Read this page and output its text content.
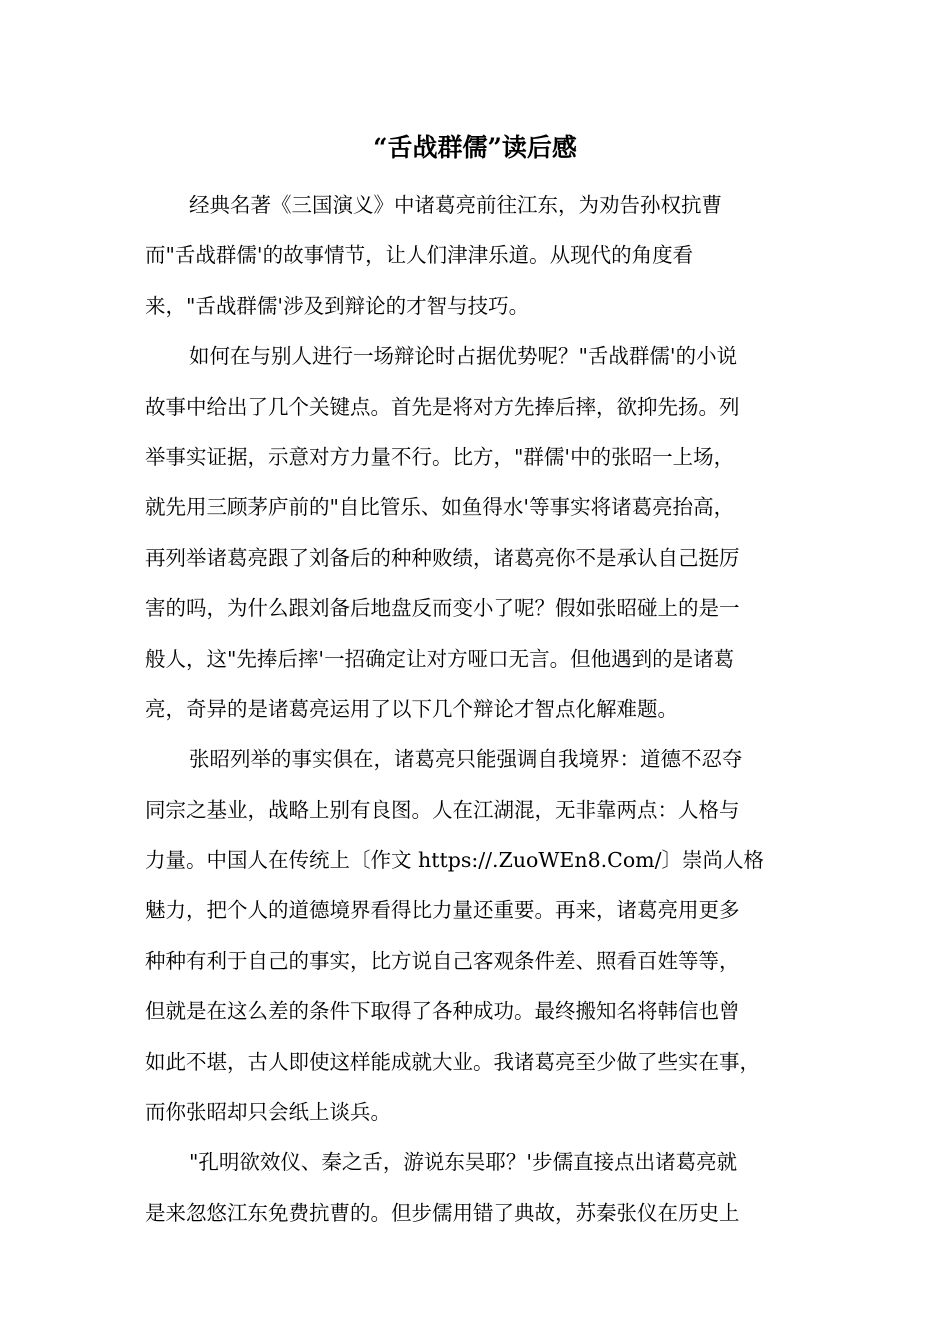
“舌战群儒”读后感
经典名著《三国演义》中诸葛亮前往江东，为劝告孙权抗曹
而"舌战群儒'的故事情节，让人们津津乐道。从现代的角度看
来，"舌战群儒'涉及到辩论的才智与技巧。
如何在与别人进行一场辩论时占据优势呢？"舌战群儒'的小说
故事中给出了几个关键点。首先是将对方先捧后摔，欲抑先扬。列
举事实证据，示意对方力量不行。比方，"群儒'中的张昭一上场，
就先用三顾茅庐前的"自比管乐、如鱼得水'等事实将诸葛亮抬高，
再列举诸葛亮跟了刘备后的种种败绩，诸葛亮你不是承认自己挺厉
害的吗，为什么跟刘备后地盘反而变小了呢？假如张昭碰上的是一
般人，这"先捧后摔'一招确定让对方哑口无言。但他遇到的是诸葛
亮，奇异的是诸葛亮运用了以下几个辩论才智点化解难题。
张昭列举的事实俱在，诸葛亮只能强调自我境界：道德不忍夺
同宗之基业，战略上别有良图。人在江湖混，无非靠两点：人格与
力量。中国人在传统上〔作文 https://.ZuoWEn8.Com/〕崇尚人格
魅力，把个人的道德境界看得比力量还重要。再来，诸葛亮用更多
种种有利于自己的事实，比方说自己客观条件差、照看百姓等等，
但就是在这么差的条件下取得了各种成功。最终搬知名将韩信也曾
如此不堪，古人即使这样能成就大业。我诸葛亮至少做了些实在事，
而你张昭却只会纸上谈兵。
"孔明欲效仪、秦之舌，游说东吴耶？'步儒直接点出诸葛亮就
是来忽悠江东免费抗曹的。但步儒用错了典故，苏秦张仪在历史上
